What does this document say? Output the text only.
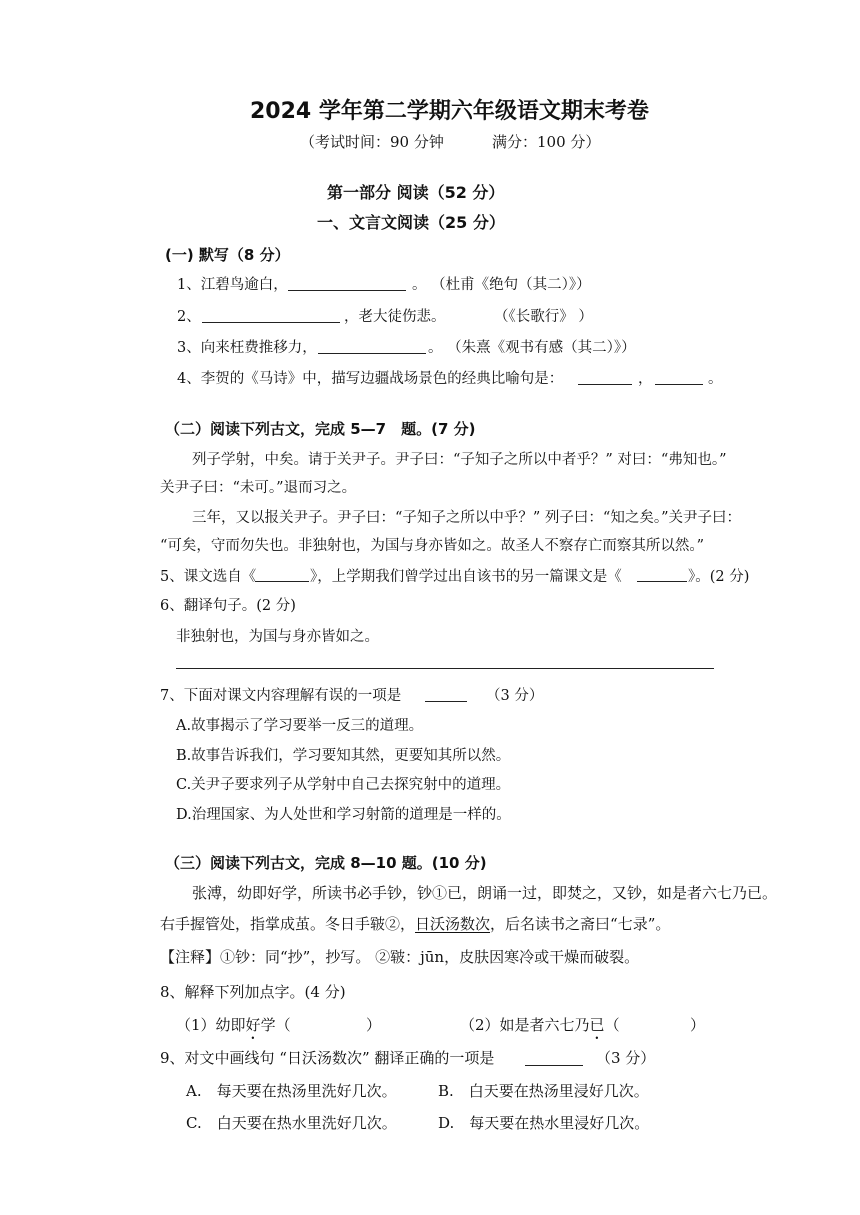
2024 学年第二学期六年级语文期末考卷
（考试时间：90 分钟	满分：100 分）
第一部分 阅读（52 分）
一、文言文阅读（25 分）
(一) 默写（8 分）
1、江碧鸟逾白，	。 （杜甫《绝句（其二）》）
2、	，老大徒伤悲。	（《长歌行》 ）
3、向来枉费推移力，	。 （朱熹《观书有感（其二）》）
4、李贺的《马诗》中，描写边疆战场景色的经典比喻句是：	，	。
（二）阅读下列古文，完成 5—7　题。(7 分)
列子学射，中矣。请于关尹子。尹子曰：“子知子之所以中者乎？” 对曰：“弗知也。”
关尹子曰：“未可。”退而习之。
三年，又以报关尹子。尹子曰：“子知子之所以中乎？” 列子曰：“知之矣。”关尹子曰：
“可矣，守而勿失也。非独射也，为国与身亦皆如之。故圣人不察存亡而察其所以然。”
5、课文选自《	》，上学期我们曾学过出自该书的另一篇课文是《	》。(2 分)
6、翻译句子。(2 分)
非独射也，为国与身亦皆如之。
7、下面对课文内容理解有误的一项是	（3 分）
A.故事揭示了学习要举一反三的道理。
B.故事告诉我们，学习要知其然，更要知其所以然。
C.关尹子要求列子从学射中自己去探究射中的道理。
D.治理国家、为人处世和学习射箭的道理是一样的。
（三）阅读下列古文，完成 8—10 题。(10 分)
张溥，幼即好学，所读书必手钞，钞①已，朗诵一过，即焚之，又钞，如是者六七乃已。
右手握管处，指掌成茧。冬日手皲②，日沃汤数次，后名读书之斋曰“七录”。
【注释】①钞：同“抄”，抄写。 ②皲：jūn，皮肤因寒冷或干燥而破裂。
8、解释下列加点字。(4 分)
（1）幼即好学（	）	（2）如是者六七乃已（	）
9、对文中画线句 “日沃汤数次” 翻译正确的一项是	（3 分）
A.　每天要在热汤里洗好几次。	B.　白天要在热汤里浸好几次。
C.　白天要在热水里洗好几次。	D.　每天要在热水里浸好几次。
